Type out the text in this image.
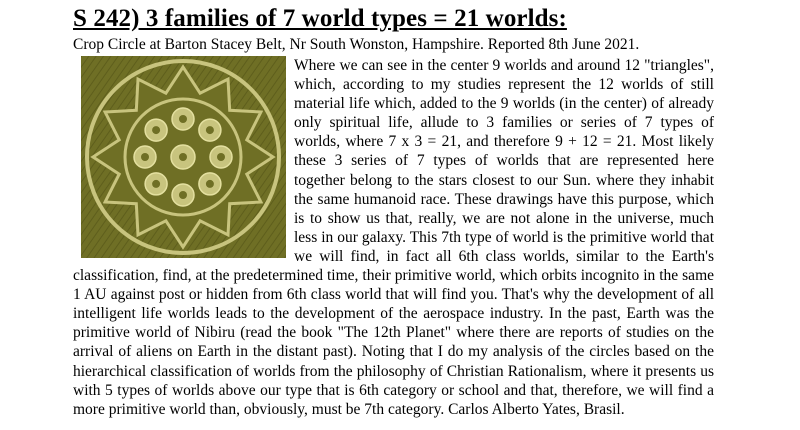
S 242) 3 families of 7 world types = 21 worlds:
Crop Circle at Barton Stacey Belt, Nr South Wonston, Hampshire. Reported 8th June 2021.
Where we can see in the center 9 worlds and around 12 "triangles", which, according to my studies represent the 12 worlds of still material life which, added to the 9 worlds (in the center) of already only spiritual life, allude to 3 families or series of 7 types of worlds, where 7 x 3 = 21, and therefore 9 + 12 = 21. Most likely these 3 series of 7 types of worlds that are represented here together belong to the stars closest to our Sun. where they inhabit the same humanoid race. These drawings have this purpose, which is to show us that, really, we are not alone in the universe, much less in our galaxy. This 7th type of world is the primitive world that we will find, in fact all 6th class worlds, similar to the Earth's classification, find, at the predetermined time, their primitive world, which orbits incognito in the same 1 AU against post or hidden from 6th class world that will find you. That's why the development of all intelligent life worlds leads to the development of the aerospace industry. In the past, Earth was the primitive world of Nibiru (read the book "The 12th Planet" where there are reports of studies on the arrival of aliens on Earth in the distant past). Noting that I do my analysis of the circles based on the hierarchical classification of worlds from the philosophy of Christian Rationalism, where it presents us with 5 types of worlds above our type that is 6th category or school and that, therefore, we will find a more primitive world than, obviously, must be 7th category. Carlos Alberto Yates, Brasil.
